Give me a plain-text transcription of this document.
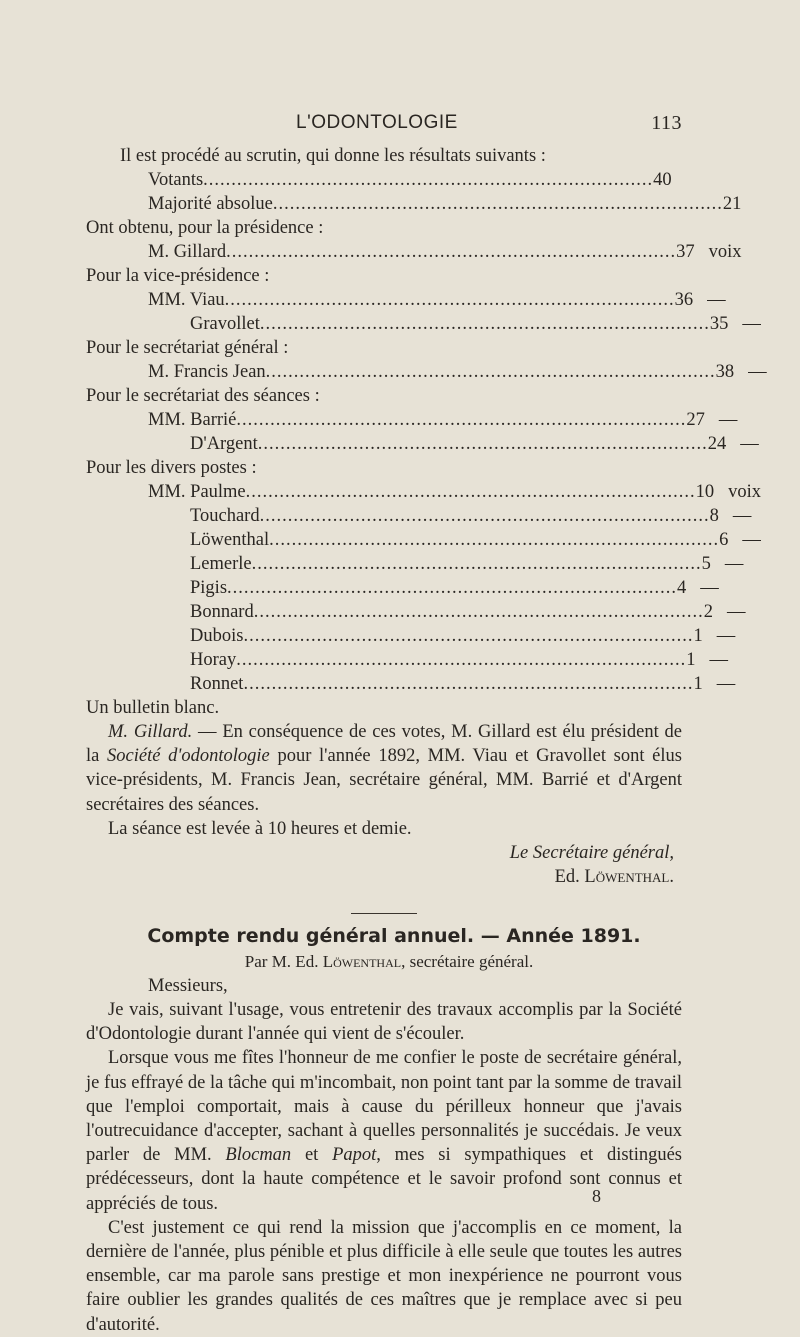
L'ODONTOLOGIE	113
Il est procédé au scrutin, qui donne les résultats suivants :
Votants ................................................................................ 40
Majorité absolue ................................................................................ 21
Ont obtenu, pour la présidence :
M. Gillard ................................................................................ 37 voix
Pour la vice-présidence :
MM. Viau ................................................................................ 36 —
Gravollet ................................................................................ 35 —
Pour le secrétariat général :
M. Francis Jean ................................................................................ 38 —
Pour le secrétariat des séances :
MM. Barrié ................................................................................ 27 —
D'Argent ................................................................................ 24 —
Pour les divers postes :
MM. Paulme ................................................................................ 10 voix
Touchard ................................................................................ 8 —
Löwenthal ................................................................................ 6 —
Lemerle ................................................................................ 5 —
Pigis ................................................................................ 4 —
Bonnard ................................................................................ 2 —
Dubois ................................................................................ 1 —
Horay ................................................................................ 1 —
Ronnet ................................................................................ 1 —
Un bulletin blanc.
M. Gillard. — En conséquence de ces votes, M. Gillard est élu président de la Société d'odontologie pour l'année 1892, MM. Viau et Gravollet sont élus vice-présidents, M. Francis Jean, secrétaire général, MM. Barrié et d'Argent secrétaires des séances.
La séance est levée à 10 heures et demie.
Le Secrétaire général,
Ed. Löwenthal.
Compte rendu général annuel. — Année 1891.
Par M. Ed. Löwenthal, secrétaire général.
Messieurs,
Je vais, suivant l'usage, vous entretenir des travaux accomplis par la Société d'Odontologie durant l'année qui vient de s'écouler.
Lorsque vous me fîtes l'honneur de me confier le poste de secrétaire général, je fus effrayé de la tâche qui m'incombait, non point tant par la somme de travail que l'emploi comportait, mais à cause du périlleux honneur que j'avais l'outrecuidance d'accepter, sachant à quelles personnalités je succédais. Je veux parler de MM. Blocman et Papot, mes si sympathiques et distingués prédécesseurs, dont la haute compétence et le savoir profond sont connus et appréciés de tous.
C'est justement ce qui rend la mission que j'accomplis en ce moment, la dernière de l'année, plus pénible et plus difficile à elle seule que toutes les autres ensemble, car ma parole sans prestige et mon inexpérience ne pourront vous faire oublier les grandes qualités de ces maîtres que je remplace avec si peu d'autorité.
8
